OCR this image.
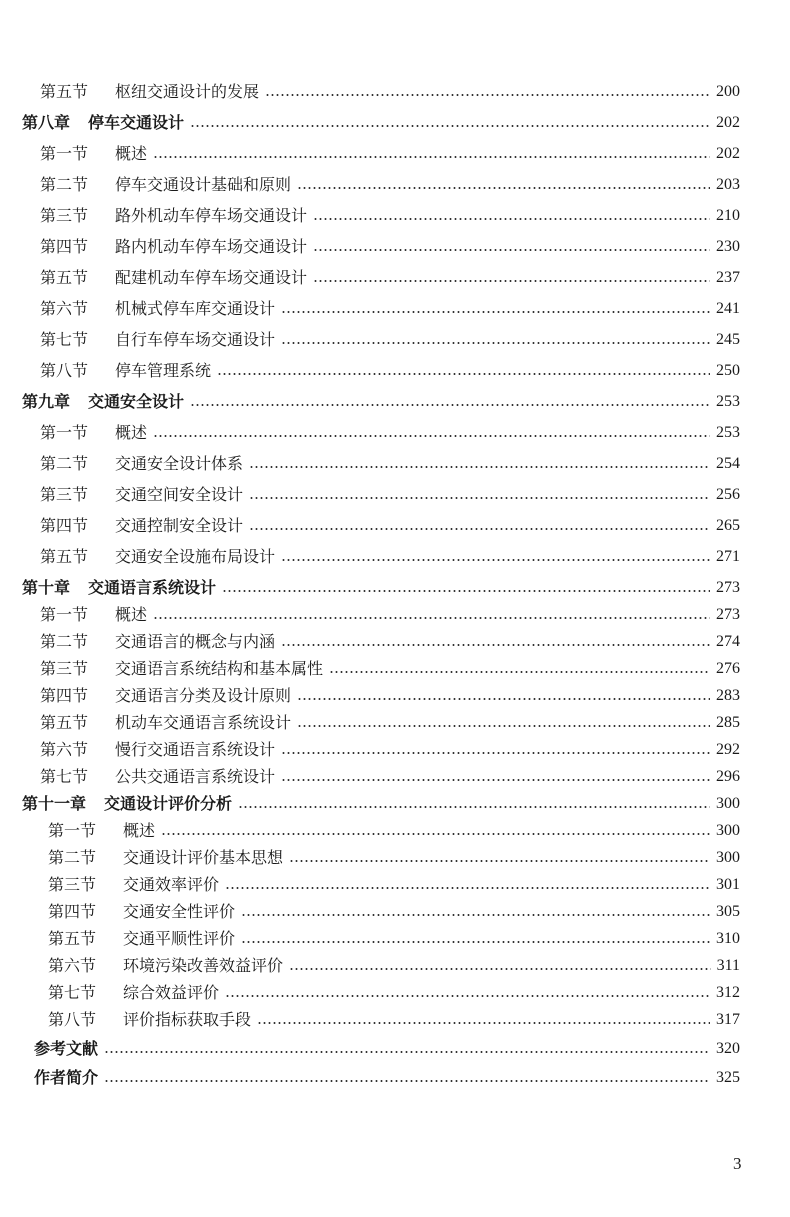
第五节	枢纽交通设计的发展	200
第八章 停车交通设计	202
第一节	概述	202
第二节	停车交通设计基础和原则	203
第三节	路外机动车停车场交通设计	210
第四节	路内机动车停车场交通设计	230
第五节	配建机动车停车场交通设计	237
第六节	机械式停车库交通设计	241
第七节	自行车停车场交通设计	245
第八节	停车管理系统	250
第九章 交通安全设计	253
第一节	概述	253
第二节	交通安全设计体系	254
第三节	交通空间安全设计	256
第四节	交通控制安全设计	265
第五节	交通安全设施布局设计	271
第十章 交通语言系统设计	273
第一节	概述	273
第二节	交通语言的概念与内涵	274
第三节	交通语言系统结构和基本属性	276
第四节	交通语言分类及设计原则	283
第五节	机动车交通语言系统设计	285
第六节	慢行交通语言系统设计	292
第七节	公共交通语言系统设计	296
第十一章 交通设计评价分析	300
第一节	概述	300
第二节	交通设计评价基本思想	300
第三节	交通效率评价	301
第四节	交通安全性评价	305
第五节	交通平顺性评价	310
第六节	环境污染改善效益评价	311
第七节	综合效益评价	312
第八节	评价指标获取手段	317
参考文献	320
作者简介	325
3
